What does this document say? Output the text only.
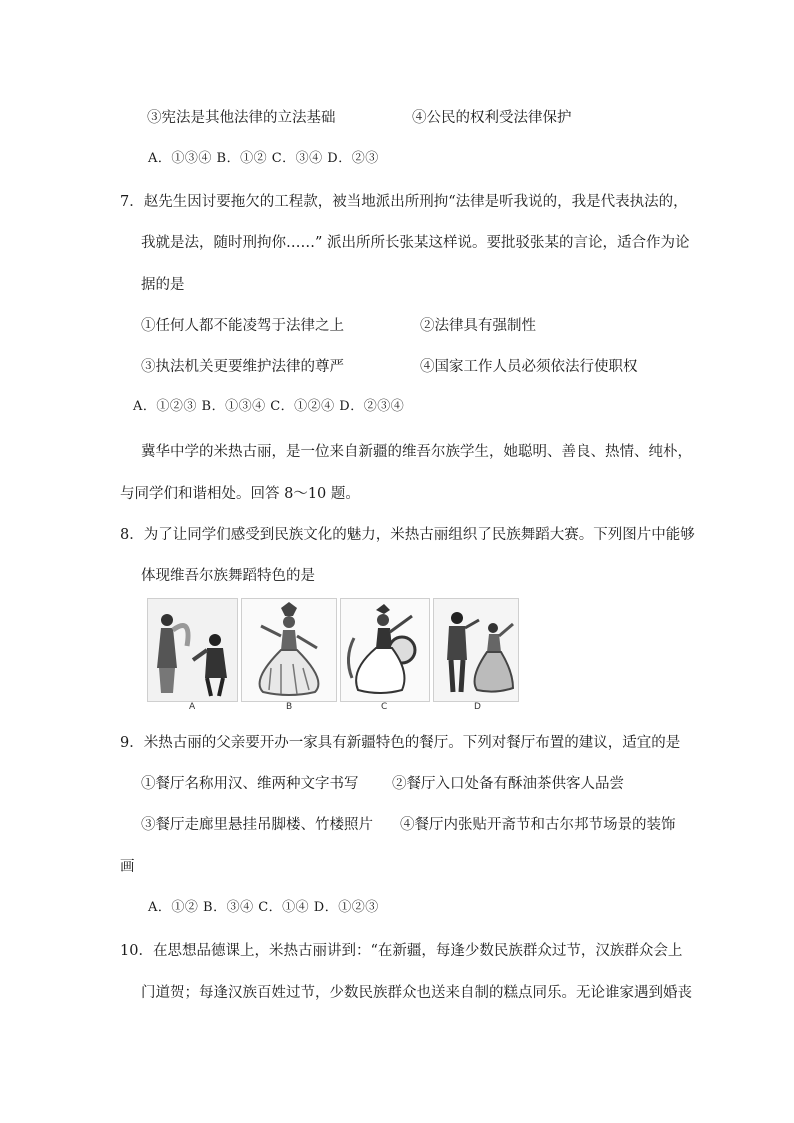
③宪法是其他法律的立法基础	④公民的权利受法律保护
A．①③④ B．①② C．③④ D．②③
7．赵先生因讨要拖欠的工程款，被当地派出所刑拘“法律是听我说的，我是代表执法的，
我就是法，随时刑拘你……” 派出所所长张某这样说。要批驳张某的言论，适合作为论
据的是
①任何人都不能凌驾于法律之上	②法律具有强制性
③执法机关更要维护法律的尊严	④国家工作人员必须依法行使职权
A．①②③ B．①③④ C．①②④ D．②③④
冀华中学的米热古丽，是一位来自新疆的维吾尔族学生，她聪明、善良、热情、纯朴，
与同学们和谐相处。回答 8～10 题。
8．为了让同学们感受到民族文化的魅力，米热古丽组织了民族舞蹈大赛。下列图片中能够
体现维吾尔族舞蹈特色的是
A	B	C	D
9．米热古丽的父亲要开办一家具有新疆特色的餐厅。下列对餐厅布置的建议，适宜的是
①餐厅名称用汉、维两种文字书写 ②餐厅入口处备有酥油茶供客人品尝
③餐厅走廊里悬挂吊脚楼、竹楼照片 ④餐厅内张贴开斋节和古尔邦节场景的装饰
画
A．①② B．③④ C．①④ D．①②③
10．在思想品德课上，米热古丽讲到：“在新疆，每逢少数民族群众过节，汉族群众会上
门道贺；每逢汉族百姓过节，少数民族群众也送来自制的糕点同乐。无论谁家遇到婚丧
